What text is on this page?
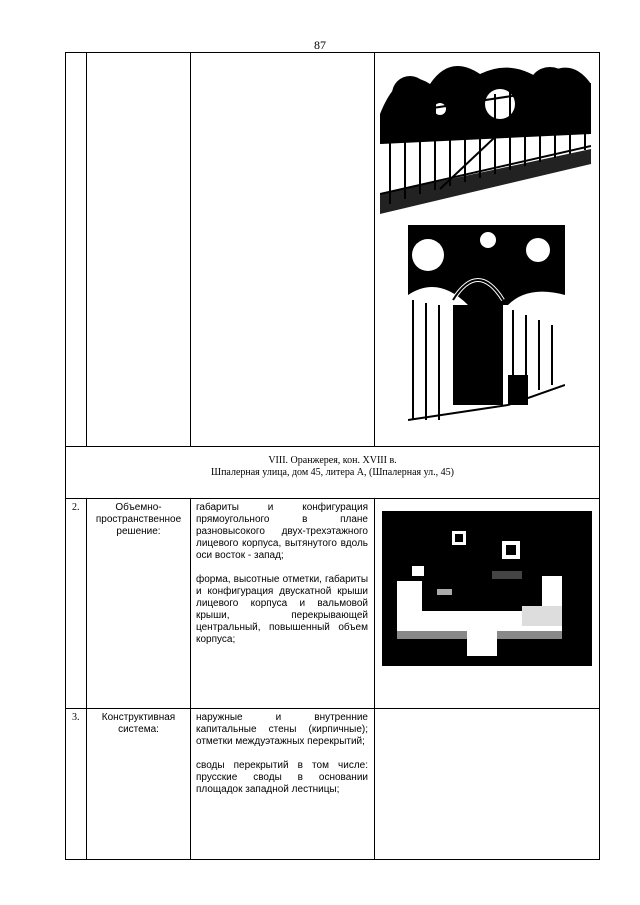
87

VIII. Оранжерея, кон. XVIII в.
Шпалерная улица, дом 45, литера А, (Шпалерная ул., 45)			

2.	Объемно-пространственное решение:	габариты и конфигурация прямоугольного в плане разновысокого двух-трехэтажного лицевого корпуса, вытянутого вдоль оси восток - запад;

форма, высотные отметки, габариты и конфигурация двускатной крыши лицевого корпуса и вальмовой крыши, перекрывающей центральный, повышенный объем корпуса;

3.	Конструктивная система:	наружные и внутренние капитальные стены (кирпичные); отметки междуэтажных перекрытий;

своды перекрытий в том числе: прусские своды в основании площадок западной лестницы;	
